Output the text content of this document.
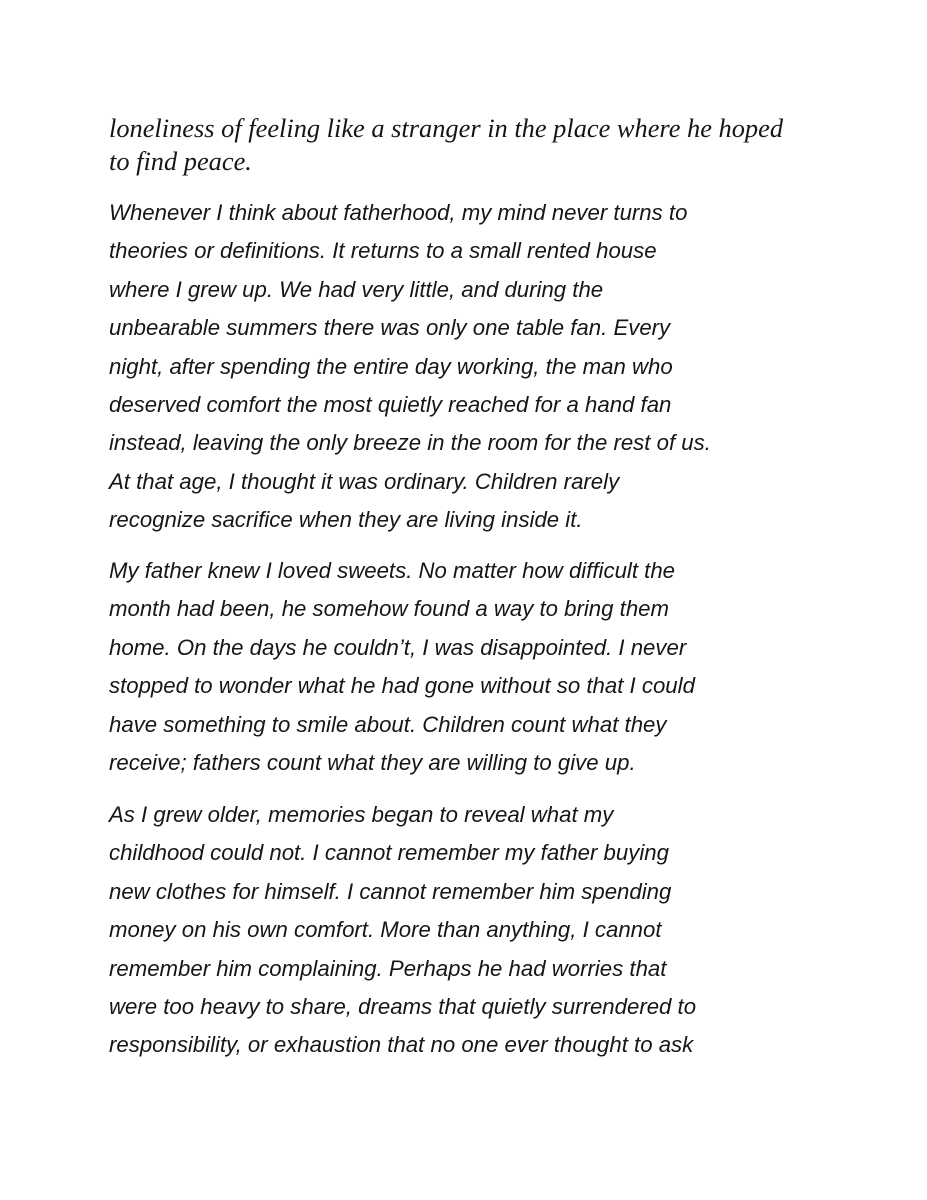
loneliness of feeling like a stranger in the place where he hoped
to find peace.

Whenever I think about fatherhood, my mind never turns to
theories or definitions. It returns to a small rented house
where I grew up. We had very little, and during the
unbearable summers there was only one table fan. Every
night, after spending the entire day working, the man who
deserved comfort the most quietly reached for a hand fan
instead, leaving the only breeze in the room for the rest of us.
At that age, I thought it was ordinary. Children rarely
recognize sacrifice when they are living inside it.

My father knew I loved sweets. No matter how difficult the
month had been, he somehow found a way to bring them
home. On the days he couldn’t, I was disappointed. I never
stopped to wonder what he had gone without so that I could
have something to smile about. Children count what they
receive; fathers count what they are willing to give up.

As I grew older, memories began to reveal what my
childhood could not. I cannot remember my father buying
new clothes for himself. I cannot remember him spending
money on his own comfort. More than anything, I cannot
remember him complaining. Perhaps he had worries that
were too heavy to share, dreams that quietly surrendered to
responsibility, or exhaustion that no one ever thought to ask
